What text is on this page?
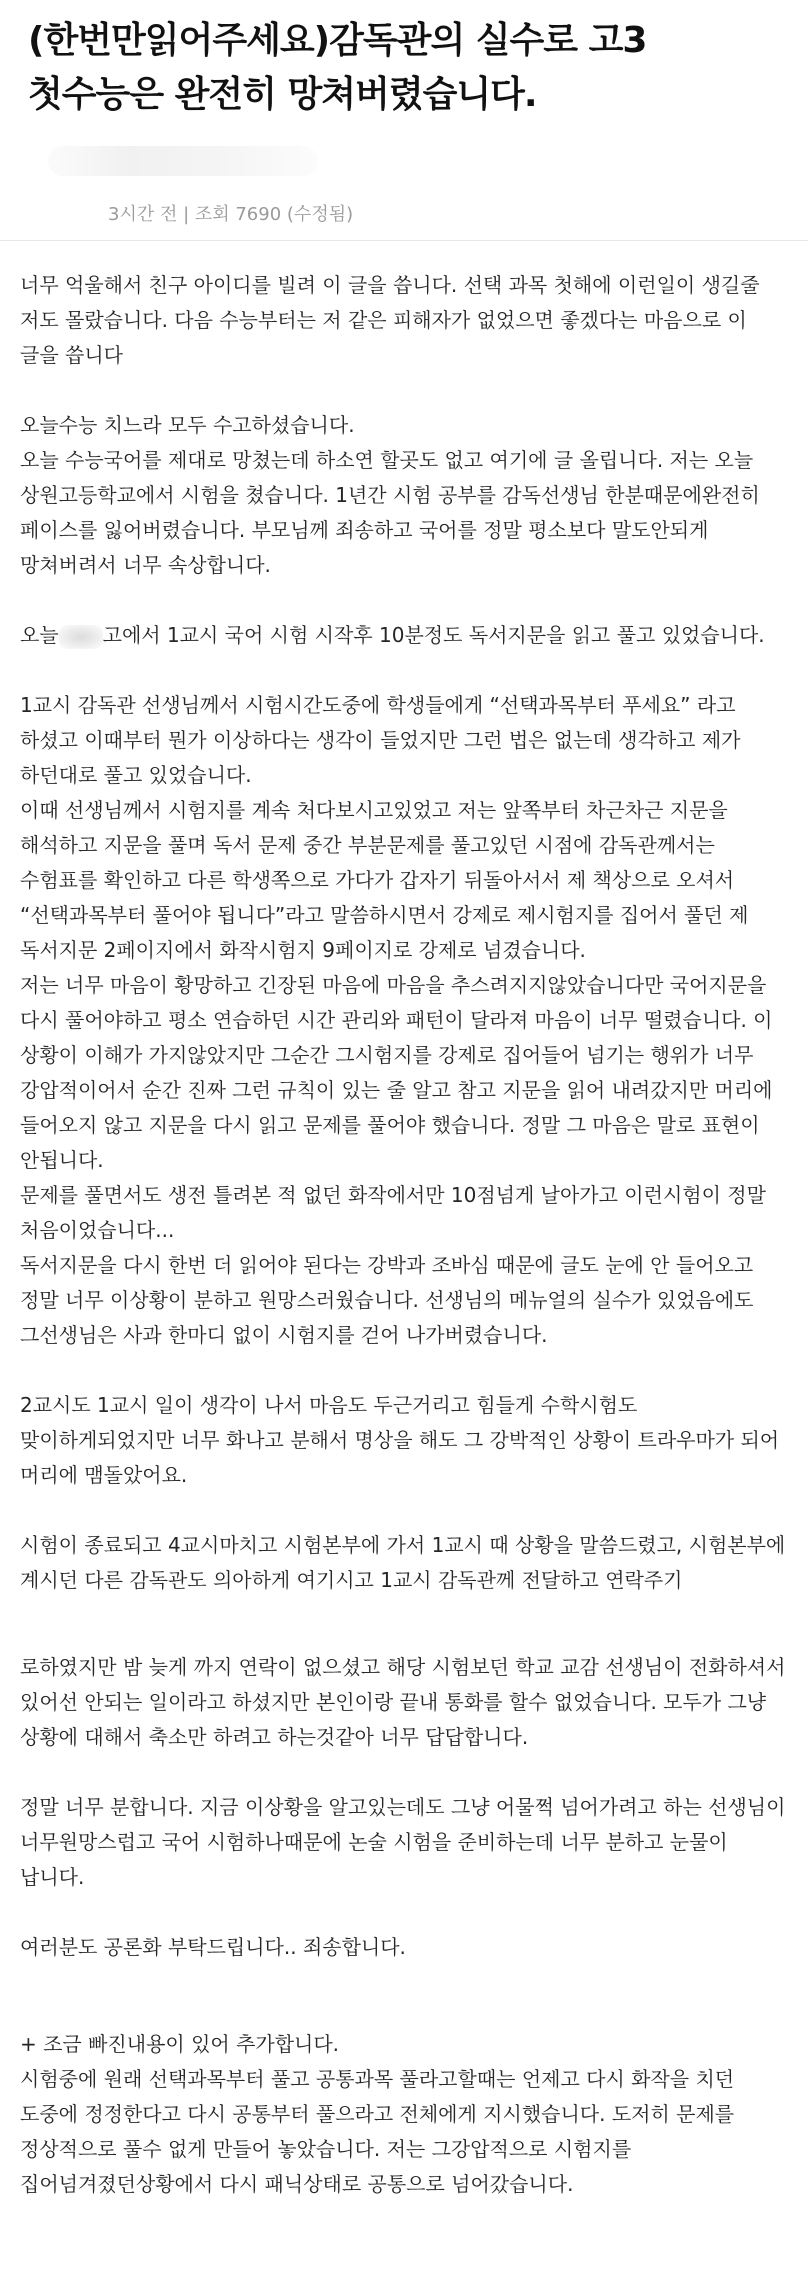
(한번만읽어주세요)감독관의 실수로 고3
첫수능은 완전히 망쳐버렸습니다.
3시간 전 | 조회 7690 (수정됨)

너무 억울해서 친구 아이디를 빌려 이 글을 씁니다. 선택 과목 첫해에 이런일이 생길줄 저도 몰랐습니다. 다음 수능부터는 저 같은 피해자가 없었으면 좋겠다는 마음으로 이 글을 씁니다

오늘수능 치느라 모두 수고하셨습니다.

오늘 수능국어를 제대로 망쳤는데 하소연 할곳도 없고 여기에 글 올립니다. 저는 오늘 상원고등학교에서 시험을 쳤습니다. 1년간 시험 공부를 감독선생님 한분때문에완전히 페이스를 잃어버렸습니다. 부모님께 죄송하고 국어를 정말 평소보다 말도안되게 망쳐버려서 너무 속상합니다.

오늘 고에서 1교시 국어 시험 시작후 10분정도 독서지문을 읽고 풀고 있었습니다.

1교시 감독관 선생님께서 시험시간도중에 학생들에게 “선택과목부터 푸세요” 라고 하셨고 이때부터 뭔가 이상하다는 생각이 들었지만 그런 법은 없는데 생각하고 제가 하던대로 풀고 있었습니다.

이때 선생님께서 시험지를 계속 처다보시고있었고 저는 앞쪽부터 차근차근 지문을 해석하고 지문을 풀며 독서 문제 중간 부분문제를 풀고있던 시점에 감독관께서는 수험표를 확인하고 다른 학생쪽으로 가다가 갑자기 뒤돌아서서 제 책상으로 오셔서 “선택과목부터 풀어야 됩니다”라고 말씀하시면서 강제로 제시험지를 집어서 풀던 제 독서지문 2페이지에서 화작시험지 9페이지로 강제로 넘겼습니다.

저는 너무 마음이 황망하고 긴장된 마음에 마음을 추스려지지않았습니다만 국어지문을 다시 풀어야하고 평소 연습하던 시간 관리와 패턴이 달라져 마음이 너무 떨렸습니다. 이 상황이 이해가 가지않았지만 그순간 그시험지를 강제로 집어들어 넘기는 행위가 너무 강압적이어서 순간 진짜 그런 규칙이 있는 줄 알고 참고 지문을 읽어 내려갔지만 머리에 들어오지 않고 지문을 다시 읽고 문제를 풀어야 했습니다. 정말 그 마음은 말로 표현이 안됩니다.

문제를 풀면서도 생전 틀려본 적 없던 화작에서만 10점넘게 날아가고 이런시험이 정말 처음이었습니다...

독서지문을 다시 한번 더 읽어야 된다는 강박과 조바심 때문에 글도 눈에 안 들어오고 정말 너무 이상황이 분하고 원망스러웠습니다. 선생님의 메뉴얼의 실수가 있었음에도 그선생님은 사과 한마디 없이 시험지를 걷어 나가버렸습니다.

2교시도 1교시 일이 생각이 나서 마음도 두근거리고 힘들게 수학시험도 맞이하게되었지만 너무 화나고 분해서 명상을 해도 그 강박적인 상황이 트라우마가 되어 머리에 맴돌았어요.

시험이 종료되고 4교시마치고 시험본부에 가서 1교시 때 상황을 말씀드렸고, 시험본부에 계시던 다른 감독관도 의아하게 여기시고 1교시 감독관께 전달하고 연락주기

로하였지만 밤 늦게 까지 연락이 없으셨고 해당 시험보던 학교 교감 선생님이 전화하셔서 있어선 안되는 일이라고 하셨지만 본인이랑 끝내 통화를 할수 없었습니다. 모두가 그냥 상황에 대해서 축소만 하려고 하는것같아 너무 답답합니다.

정말 너무 분합니다. 지금 이상황을 알고있는데도 그냥 어물쩍 넘어가려고 하는 선생님이 너무원망스럽고 국어 시험하나때문에 논술 시험을 준비하는데 너무 분하고 눈물이 납니다.

여러분도 공론화 부탁드립니다.. 죄송합니다.

+ 조금 빠진내용이 있어 추가합니다.

시험중에 원래 선택과목부터 풀고 공통과목 풀라고할때는 언제고 다시 화작을 치던 도중에 정정한다고 다시 공통부터 풀으라고 전체에게 지시했습니다. 도저히 문제를 정상적으로 풀수 없게 만들어 놓았습니다. 저는 그강압적으로 시험지를 집어넘겨졌던상황에서 다시 패닉상태로 공통으로 넘어갔습니다.
